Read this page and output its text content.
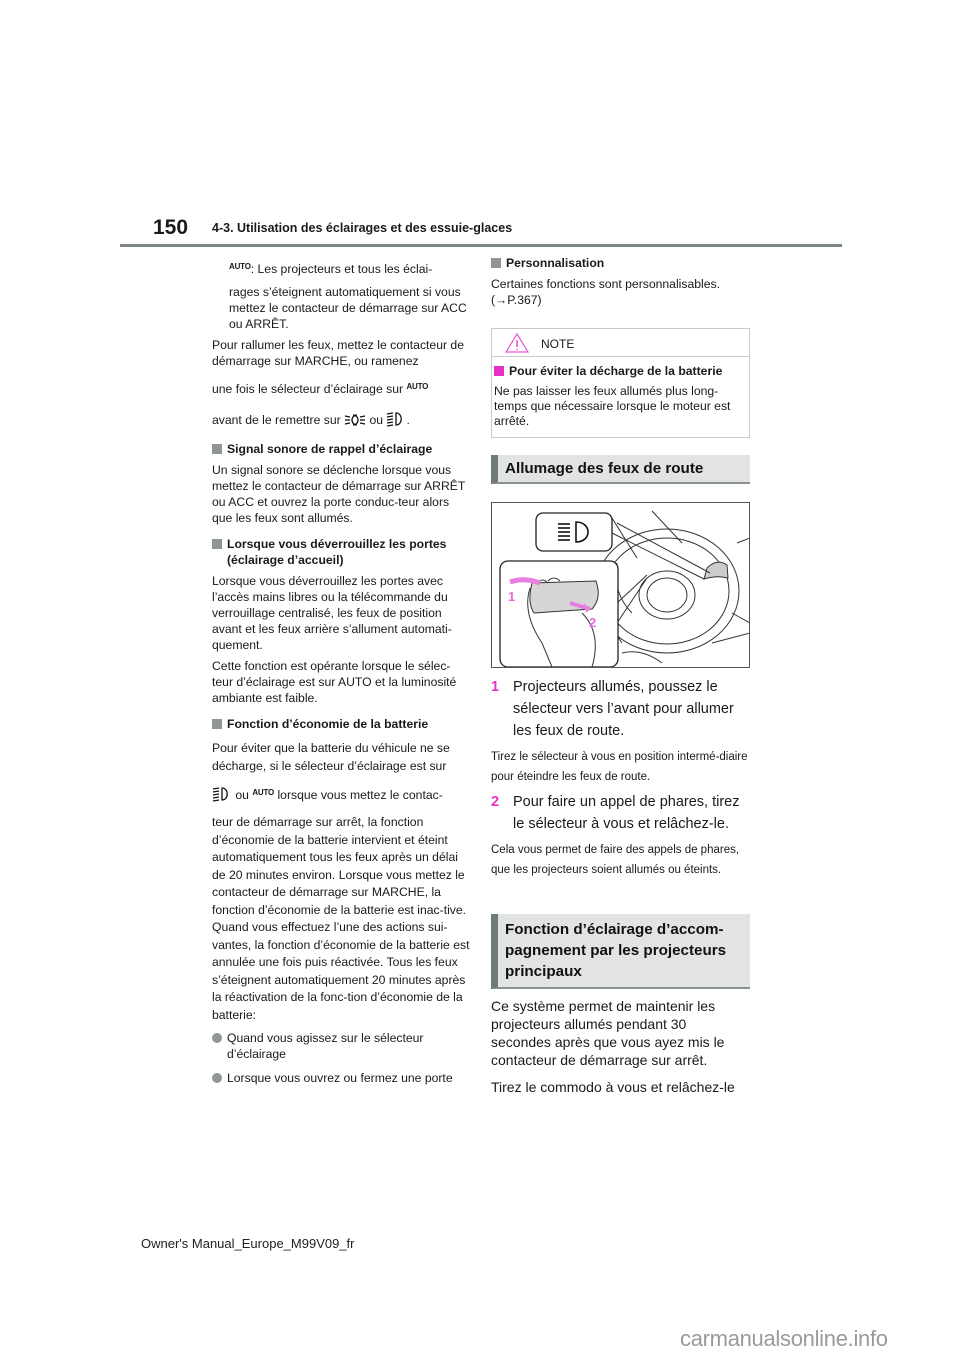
150 4-3. Utilisation des éclairages et des essuie-glaces

$^{AUTO}$: Les projecteurs et tous les éclai-

rages s’éteignent automatiquement si vous mettez le contacteur de démarrage sur ACC ou ARRÊT.

Pour rallumer les feux, mettez le contacteur de démarrage sur MARCHE, ou ramenez

une fois le sélecteur d’éclairage sur $^{AUTO}$

avant de le remettre sur ou .

Signal sonore de rappel d’éclairage

Un signal sonore se déclenche lorsque vous mettez le contacteur de démarrage sur ARRÊT ou ACC et ouvrez la porte conduc-teur alors que les feux sont allumés.

Lorsque vous déverrouillez les portes (éclairage d’accueil)

Lorsque vous déverrouillez les portes avec l’accès mains libres ou la télécommande du verrouillage centralisé, les feux de position avant et les feux arrière s’allument automati-quement.

Cette fonction est opérante lorsque le sélec-teur d’éclairage est sur AUTO et la luminosité ambiante est faible.

Fonction d’économie de la batterie

Pour éviter que la batterie du véhicule ne se décharge, si le sélecteur d’éclairage est sur

ou $^{AUTO}$ lorsque vous mettez le contac-

teur de démarrage sur arrêt, la fonction d’économie de la batterie intervient et éteint automatiquement tous les feux après un délai de 20 minutes environ. Lorsque vous mettez le contacteur de démarrage sur MARCHE, la fonction d’économie de la batterie est inac-tive.

Quand vous effectuez l’une des actions sui-vantes, la fonction d’économie de la batterie est annulée une fois puis réactivée. Tous les feux s’éteignent automatiquement 20 minutes après la réactivation de la fonc-tion d’économie de la batterie:

Quand vous agissez sur le sélecteur d’éclairage
Lorsque vous ouvrez ou fermez une porte
Personnalisation

Certaines fonctions sont personnalisables.

(→P.367)

NOTE
Pour éviter la décharge de la batterie

Ne pas laisser les feux allumés plus long-temps que nécessaire lorsque le moteur est arrêté.

Allumage des feux de route
1
2
1 Projecteurs allumés, poussez le sélecteur vers l’avant pour allumer les feux de route.

Tirez le sélecteur à vous en position intermé-diaire pour éteindre les feux de route.

2 Pour faire un appel de phares, tirez le sélecteur à vous et relâchez-le.

Cela vous permet de faire des appels de phares, que les projecteurs soient allumés ou éteints.

Fonction d’éclairage d’accom-pagnement par les projecteurs principaux

Ce système permet de maintenir les projecteurs allumés pendant 30 secondes après que vous ayez mis le contacteur de démarrage sur arrêt.

Tirez le commodo à vous et relâchez-le

Owner's Manual_Europe_M99V09_fr
carmanualsonline.info
